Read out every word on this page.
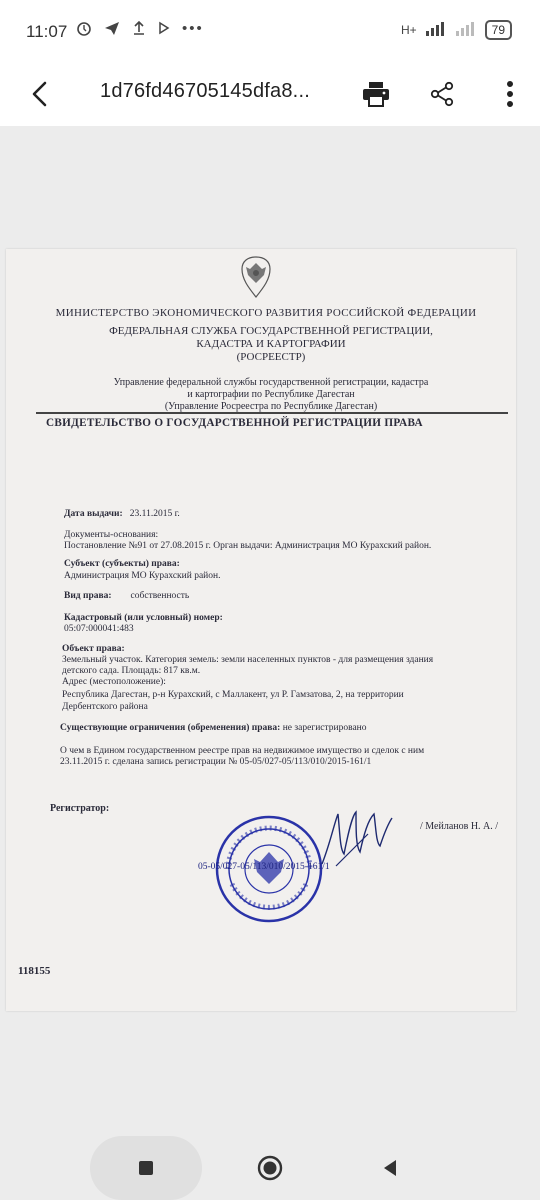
11:07	•••	H+	79
1d76fd46705145dfa8...
МИНИСТЕРСТВО ЭКОНОМИЧЕСКОГО РАЗВИТИЯ РОССИЙСКОЙ ФЕДЕРАЦИИ
ФЕДЕРАЛЬНАЯ СЛУЖБА ГОСУДАРСТВЕННОЙ РЕГИСТРАЦИИ,
КАДАСТРА И КАРТОГРАФИИ
(РОСРЕЕСТР)
Управление федеральной службы государственной регистрации, кадастра
и картографии по Республике Дагестан
(Управление Росреестра по Республике Дагестан)
СВИДЕТЕЛЬСТВО О ГОСУДАРСТВЕННОЙ РЕГИСТРАЦИИ ПРАВА
Дата выдачи: 23.11.2015 г.
Документы-основания:
Постановление №91 от 27.08.2015 г. Орган выдачи: Администрация МО Курахский район.
Субъект (субъекты) права:
Администрация МО Курахский район.
Вид права: собственность
Кадастровый (или условный) номер:
05:07:000041:483
Объект права:
Земельный участок. Категория земель: земли населенных пунктов - для размещения здания
детского сада. Площадь: 817 кв.м.
Адрес (местоположение):
Республика Дагестан, р-н Курахский, с Маллакент, ул Р. Гамзатова, 2, на территории
Дербентского района
Существующие ограничения (обременения) права: не зарегистрировано
О чем в Едином государственном реестре прав на недвижимое имущество и сделок с ним
23.11.2015 г. сделана запись регистрации № 05-05/027-05/113/010/2015-161/1
Регистратор:
/ Мейланов Н. А. /
05-05/027-05/113/010/2015-161/1
118155
